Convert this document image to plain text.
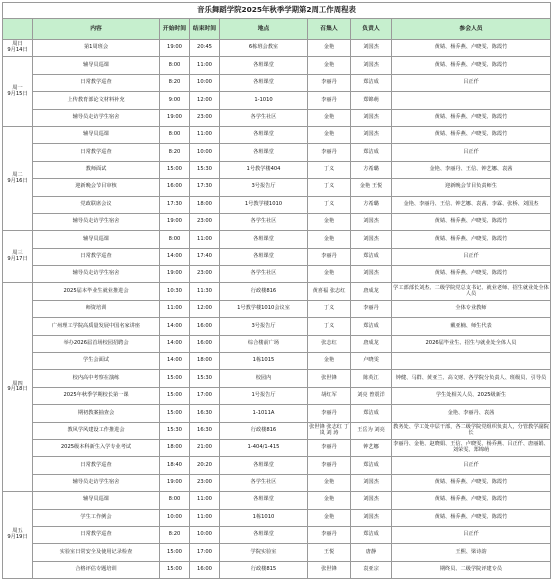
音乐舞蹈学院2025年秋季学期第2周工作周程表							
	内容	开始时间	结束时间	地点	召集人	负责人	参会人员

周日
9月14日	第1周班会	19:00	20:45	6栋班会教室	金艳	刘国杰	黄婧、杨乔燕、卢晓雯、陈霞竹

周一
9月15日	辅导员巡课	8:00	11:00	各班课堂	金艳	刘国杰	黄婧、杨乔燕、卢晓雯、陈霞竹
	日常教学巡查	8:20	10:00	各班课堂	李丽丹	郑洁成	吕正仟
	上传教育部论文材料补充	9:00	12:00	1-1010	李丽丹	郑锦萌	
	辅导员走访学生宿舍	19:00	23:00	各学生社区	金艳	刘国杰	黄婧、杨乔燕、卢晓雯、陈霞竹

周二
9月16日	辅导员巡课	8:00	11:00	各班课堂	金艳	刘国杰	黄婧、杨乔燕、卢晓雯、陈霞竹
	日常教学巡查	8:20	10:00	各班课堂	李丽丹	郑洁成	吕正仟
	教师面试	15:00	15:30	1号教学楼404	丁义	方希璐	金艳、李丽丹、王信、钟艺娜、袁茜
	迎新晚会节目审核	16:00	17:30	3号报告厅	丁义	金艳 王悦	迎新晚会节目负责师生
	党政联席会议	17:30	18:00	1号教学楼1010	丁义	方希璐	金艳、李丽丹、王信、钟艺娜、袁茜、李霖、张桥、刘国杰
	辅导员走访学生宿舍	19:00	23:00	各学生社区	金艳	刘国杰	黄婧、杨乔燕、卢晓雯、陈霞竹

周三
9月17日	辅导员巡课	8:00	11:00	各班课堂	金艳	刘国杰	黄婧、杨乔燕、卢晓雯、陈霞竹
	日常教学巡查	14:00	17:40	各班课堂	李丽丹	郑洁成	吕正仟
	辅导员走访学生宿舍	19:00	23:00	各学生社区	金艳	刘国杰	黄婧、杨乔燕、卢晓雯、陈霞竹

周四
9月18日	2025届本毕业生就业推进会	10:30	11:30	行政楼816	黄喜福 张志红	唐成龙	学工部部长刘杰、二级学院党总支书记、就业老师、招生就业处全体人员
	师资培训	11:00	12:00	1号教学楼1010会议室	丁义	李丽丹	全体专业教师
	广州理工学院高质量发展中国名家讲座	14:00	16:00	3号报告厅	丁义	郑洁成	戴亚楠、师生代表
	举办2026届首场校园招聘会	14:00	16:00	综合楼前广场	张志红	唐成龙	2026届毕业生、招生与就业处全体人员
	学生会面试	14:00	18:00	1栋1015	金艳	卢晓雯	
	校内高中考察在演练	15:00	15:30	校园内	张世锋	陈英江	钟健、马群、黄亚兰、高文财、各学院分负责人、班级员、引导员
	2025年秋季学期校长第一课	15:00	17:00	1号报告厅	胡红军	刘亮 曾震洋	学生处相关人员、2025级新生
	期初教案抽查会	15:00	16:30	1-1011A	李丽丹	郑洁成	金艳、李丽丹、袁茜
	教风学风建设工作推进会	15:30	16:30	行政楼816	张世锋 张志红 丁岚 刘 涛	王岳为 刘亮	教务处、学工处中层干部，各二级学院党组织负责人，分管教学副院长
	2025级本科新生入学专业考试	18:00	21:00	1-404/1-415	李丽丹	钟艺娜	李丽丹、金艳、赵晓娟、王信、卢晓雯、杨乔燕、吕正仟、唐丽娟、刘荣雯、郑锦萌
	日常教学巡查	18:40	20:20	各班课堂	李丽丹	郑洁成	吕正仟
	辅导员走访学生宿舍	19:00	23:00	各学生社区	金艳	刘国杰	黄婧、杨乔燕、卢晓雯、陈霞竹

周五
9月19日	辅导员巡课	8:00	11:00	各班课堂	金艳	刘国杰	黄婧、杨乔燕、卢晓雯、陈霞竹
	学生工作例会	10:00	11:00	1栋1010	金艳	刘国杰	黄婧、杨乔燕、卢晓雯、陈霞竹
	日常教学巡查	8:20	10:00	各班课堂	李丽丹	郑洁成	吕正仟
	实验室日常安全及使用记录检查	15:00	17:00	学院实验室	王悦	唐静	王熙、梁诗韵
	合格评估专题培训	15:00	16:00	行政楼815	张世锋	袁亚宗	期终员、二级学院评建专员
